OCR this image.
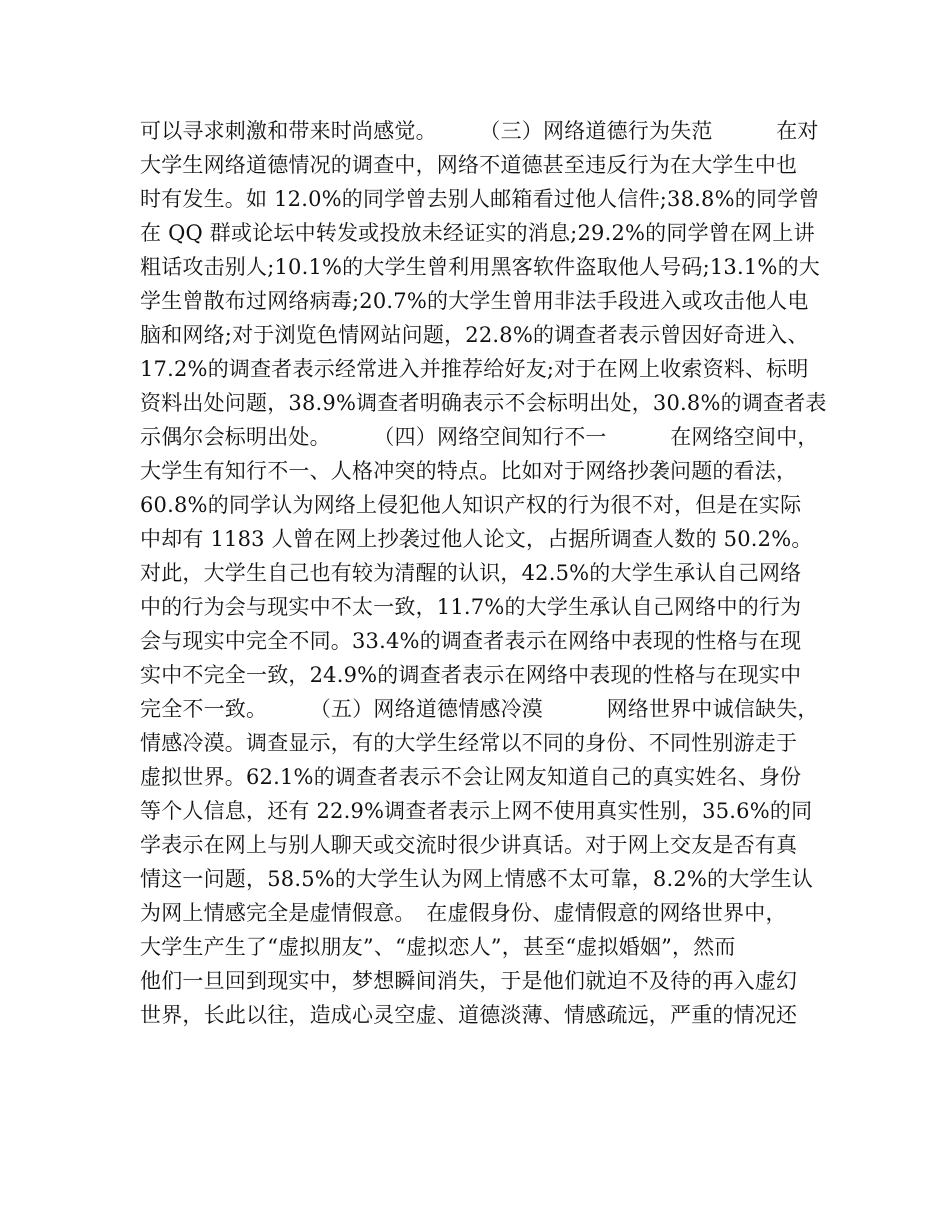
可以寻求刺激和带来时尚感觉。　　　（三）网络道德行为失范　　　在对
大学生网络道德情况的调查中，网络不道德甚至违反行为在大学生中也
时有发生。如 12.0%的同学曾去别人邮箱看过他人信件;38.8%的同学曾
在 QQ 群或论坛中转发或投放未经证实的消息;29.2%的同学曾在网上讲
粗话攻击别人;10.1%的大学生曾利用黑客软件盗取他人号码;13.1%的大
学生曾散布过网络病毒;20.7%的大学生曾用非法手段进入或攻击他人电
脑和网络;对于浏览色情网站问题，22.8%的调查者表示曾因好奇进入、
17.2%的调查者表示经常进入并推荐给好友;对于在网上收索资料、标明
资料出处问题，38.9%调查者明确表示不会标明出处，30.8%的调查者表
示偶尔会标明出处。　　　（四）网络空间知行不一　　　在网络空间中，
大学生有知行不一、人格冲突的特点。比如对于网络抄袭问题的看法，
60.8%的同学认为网络上侵犯他人知识产权的行为很不对，但是在实际
中却有 1183 人曾在网上抄袭过他人论文，占据所调查人数的 50.2%。
对此，大学生自己也有较为清醒的认识，42.5%的大学生承认自己网络
中的行为会与现实中不太一致，11.7%的大学生承认自己网络中的行为
会与现实中完全不同。33.4%的调查者表示在网络中表现的性格与在现
实中不完全一致，24.9%的调查者表示在网络中表现的性格与在现实中
完全不一致。　　　（五）网络道德情感冷漠　　　网络世界中诚信缺失，
情感冷漠。调查显示，有的大学生经常以不同的身份、不同性别游走于
虚拟世界。62.1%的调查者表示不会让网友知道自己的真实姓名、身份
等个人信息，还有 22.9%调查者表示上网不使用真实性别，35.6%的同
学表示在网上与别人聊天或交流时很少讲真话。对于网上交友是否有真
情这一问题，58.5%的大学生认为网上情感不太可靠，8.2%的大学生认
为网上情感完全是虚情假意。　在虚假身份、虚情假意的网络世界中，
大学生产生了“虚拟朋友”、“虚拟恋人”，甚至“虚拟婚姻”，然而
他们一旦回到现实中，梦想瞬间消失，于是他们就迫不及待的再入虚幻
世界，长此以往，造成心灵空虚、道德淡薄、情感疏远，严重的情况还
